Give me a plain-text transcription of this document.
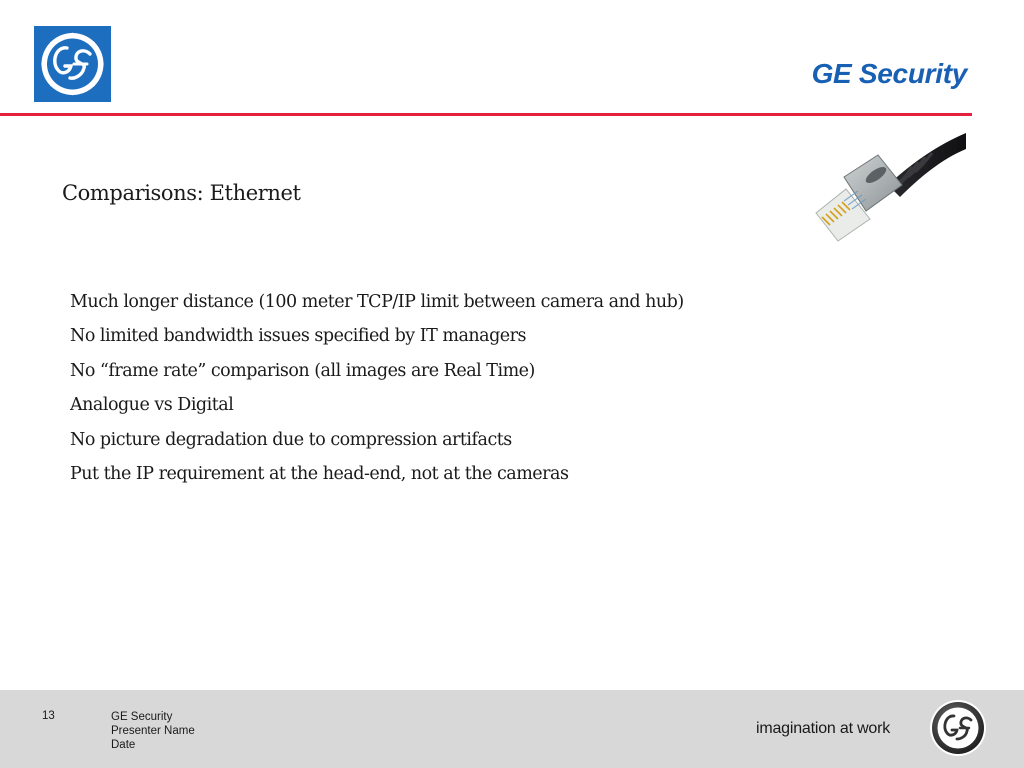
GE Security
Comparisons: Ethernet
Much longer distance (100 meter TCP/IP limit between camera and hub)
No limited bandwidth issues specified by IT managers
No “frame rate” comparison (all images are Real Time)
Analogue vs Digital
No picture degradation due to compression artifacts
Put the IP requirement at the head-end, not at the cameras
13	GE Security
Presenter Name
Date
imagination at work
